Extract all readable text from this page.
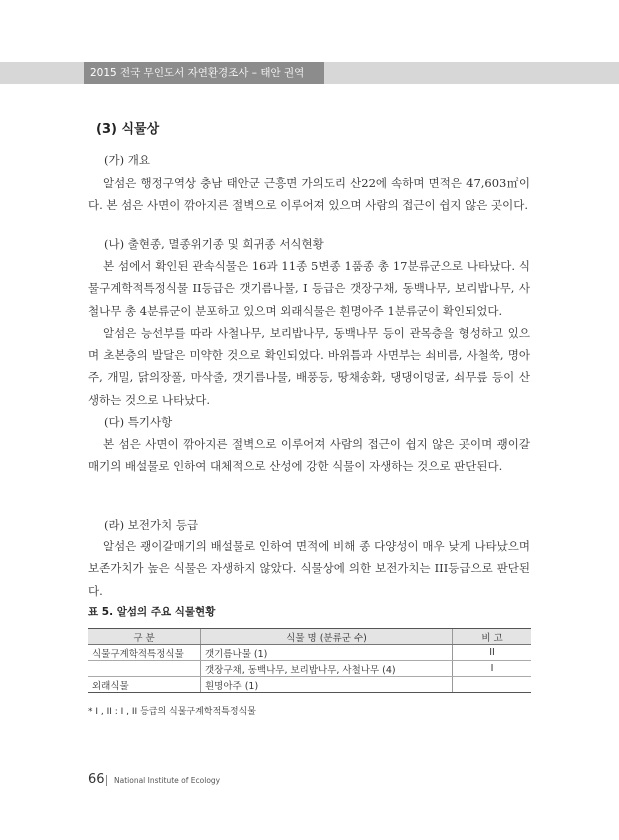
2015 전국 무인도서 자연환경조사 – 태안 권역
(3) 식물상
(가) 개요

알섬은 행정구역상 충남 태안군 근흥면 가의도리 산22에 속하며 면적은 47,603㎡이다. 본 섬은 사면이 깎아지른 절벽으로 이루어져 있으며 사람의 접근이 쉽지 않은 곳이다.

(나) 출현종, 멸종위기종 및 희귀종 서식현황

본 섬에서 확인된 관속식물은 16과 11종 5변종 1품종 총 17분류군으로 나타났다. 식물구계학적특정식물 II등급은 갯기름나물, I 등급은 갯장구채, 동백나무, 보리밥나무, 사철나무 총 4분류군이 분포하고 있으며 외래식물은 흰명아주 1분류군이 확인되었다.

알섬은 능선부를 따라 사철나무, 보리밥나무, 동백나무 등이 관목층을 형성하고 있으며 초본층의 발달은 미약한 것으로 확인되었다. 바위틈과 사면부는 쇠비름, 사철쑥, 명아주, 개밀, 닭의장풀, 마삭줄, 갯기름나물, 배풍등, 땅채송화, 댕댕이덩굴, 쇠무릎 등이 산생하는 것으로 나타났다.

(다) 특기사항

본 섬은 사면이 깎아지른 절벽으로 이루어져 사람의 접근이 쉽지 않은 곳이며 괭이갈매기의 배설물로 인하여 대체적으로 산성에 강한 식물이 자생하는 것으로 판단된다.

(라) 보전가치 등급

알섬은 괭이갈매기의 배설물로 인하여 면적에 비해 종 다양성이 매우 낮게 나타났으며 보존가치가 높은 식물은 자생하지 않았다. 식물상에 의한 보전가치는 III등급으로 판단된다.

표 5. 알섬의 주요 식물현황
구 분	식물 명 (분류군 수)	비 고
식물구계학적특정식물	갯기름나물 (1)	II
	갯장구채, 동백나무, 보리밥나무, 사철나무 (4)	I
외래식물	흰명아주 (1)	
* I , II : I , II 등급의 식물구계학적특정식물
66 National Institute of Ecology
